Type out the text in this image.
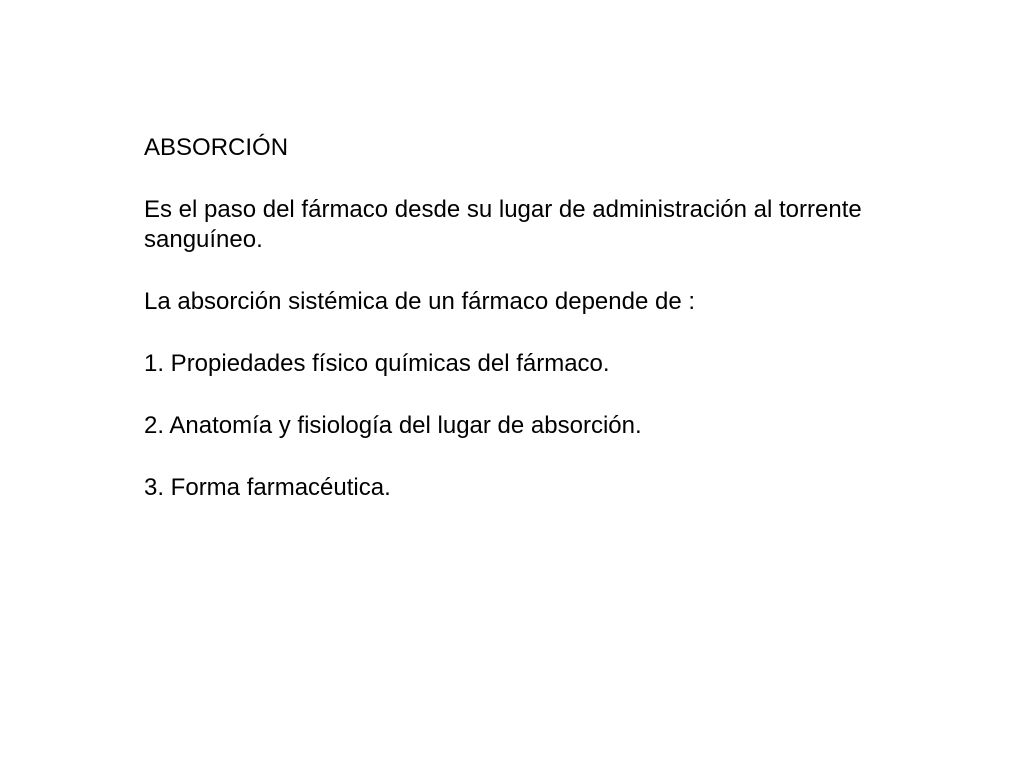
ABSORCIÓN

Es el paso del fármaco desde su lugar de administración al torrente sanguíneo.

La absorción sistémica de un fármaco depende de :

1. Propiedades físico químicas del fármaco.

2. Anatomía y fisiología del lugar de absorción.

3. Forma farmacéutica.
